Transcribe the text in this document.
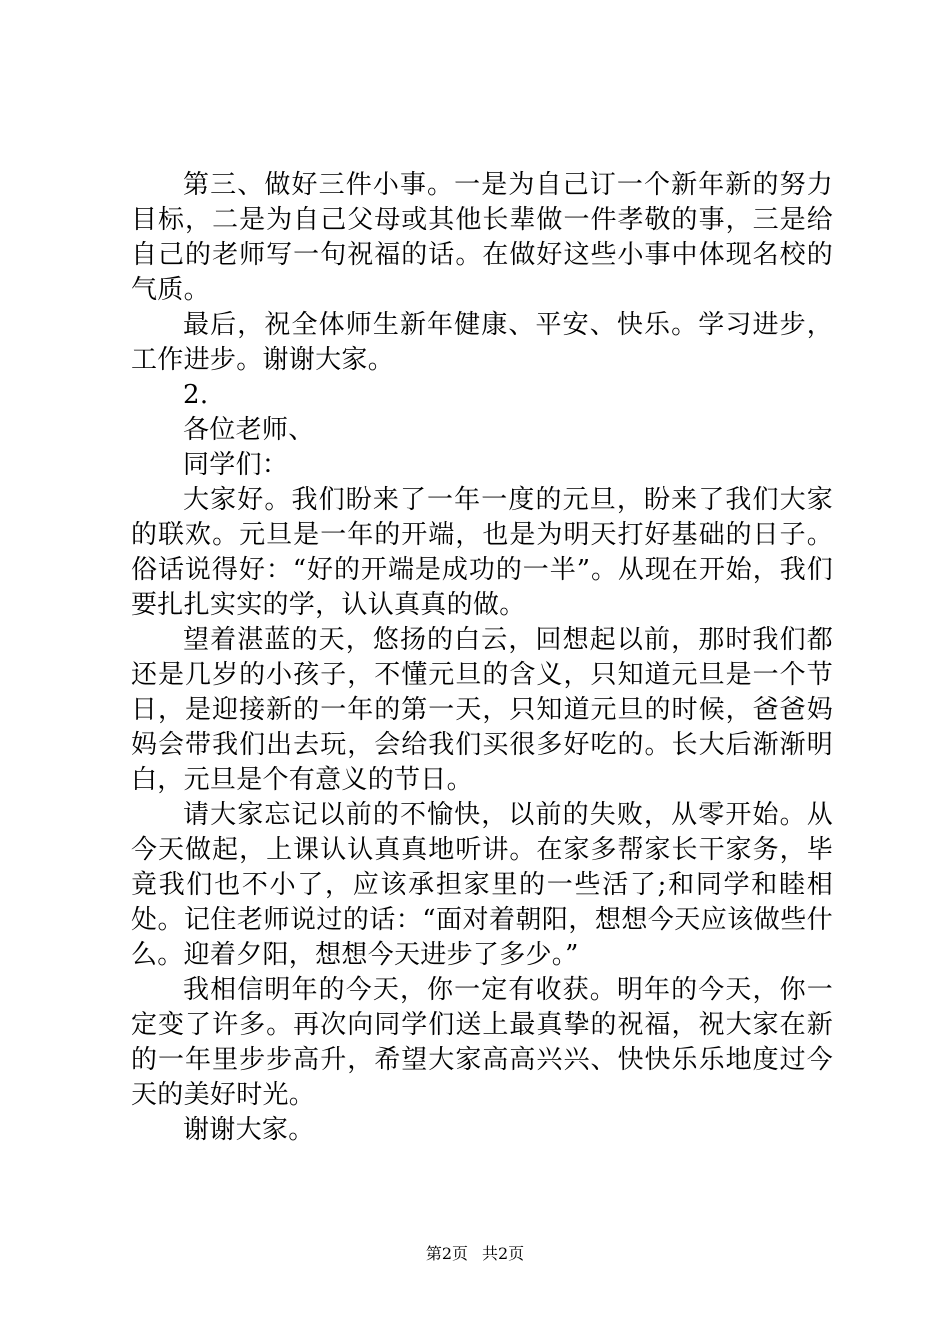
第三、做好三件小事。一是为自己订一个新年新的努力目标，二是为自己父母或其他长辈做一件孝敬的事，三是给自己的老师写一句祝福的话。在做好这些小事中体现名校的气质。

最后，祝全体师生新年健康、平安、快乐。学习进步，工作进步。谢谢大家。

2.

各位老师、

同学们：

大家好。我们盼来了一年一度的元旦，盼来了我们大家的联欢。元旦是一年的开端，也是为明天打好基础的日子。俗话说得好：“好的开端是成功的一半”。从现在开始，我们要扎扎实实的学，认认真真的做。

望着湛蓝的天，悠扬的白云，回想起以前，那时我们都还是几岁的小孩子，不懂元旦的含义，只知道元旦是一个节日，是迎接新的一年的第一天，只知道元旦的时候，爸爸妈妈会带我们出去玩，会给我们买很多好吃的。长大后渐渐明白，元旦是个有意义的节日。

请大家忘记以前的不愉快，以前的失败，从零开始。从今天做起，上课认认真真地听讲。在家多帮家长干家务，毕竟我们也不小了，应该承担家里的一些活了;和同学和睦相处。记住老师说过的话：“面对着朝阳，想想今天应该做些什么。迎着夕阳，想想今天进步了多少。”

我相信明年的今天，你一定有收获。明年的今天，你一定变了许多。再次向同学们送上最真挚的祝福，祝大家在新的一年里步步高升，希望大家高高兴兴、快快乐乐地度过今天的美好时光。

谢谢大家。

第2页 共2页
